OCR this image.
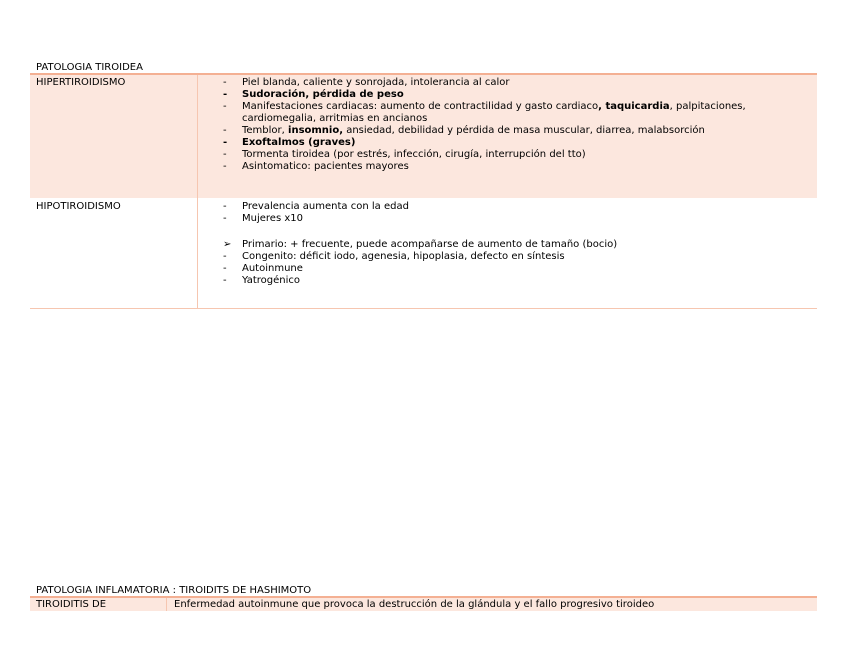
PATOLOGIA TIROIDEA
HIPERTIROIDISMO	-	Piel blanda, caliente y sonrojada, intolerancia al calor
-	Sudoración, pérdida de peso
-	Manifestaciones cardiacas: aumento de contractilidad y gasto cardiaco, taquicardia, palpitaciones, cardiomegalia, arritmias en ancianos
-	Temblor, insomnio, ansiedad, debilidad y pérdida de masa muscular, diarrea, malabsorción
-	Exoftalmos (graves)
-	Tormenta tiroidea (por estrés, infección, cirugía, interrupción del tto)
-	Asintomatico: pacientes mayores
HIPOTIROIDISMO	-	Prevalencia aumenta con la edad
-	Mujeres x10
➢	Primario: + frecuente, puede acompañarse de aumento de tamaño (bocio)
-	Congenito: déficit iodo, agenesia, hipoplasia, defecto en síntesis
-	Autoinmune
-	Yatrogénico
PATOLOGIA INFLAMATORIA : TIROIDITS DE HASHIMOTO
TIROIDITIS DE	Enfermedad autoinmune que provoca la destrucción de la glándula y el fallo progresivo tiroideo
